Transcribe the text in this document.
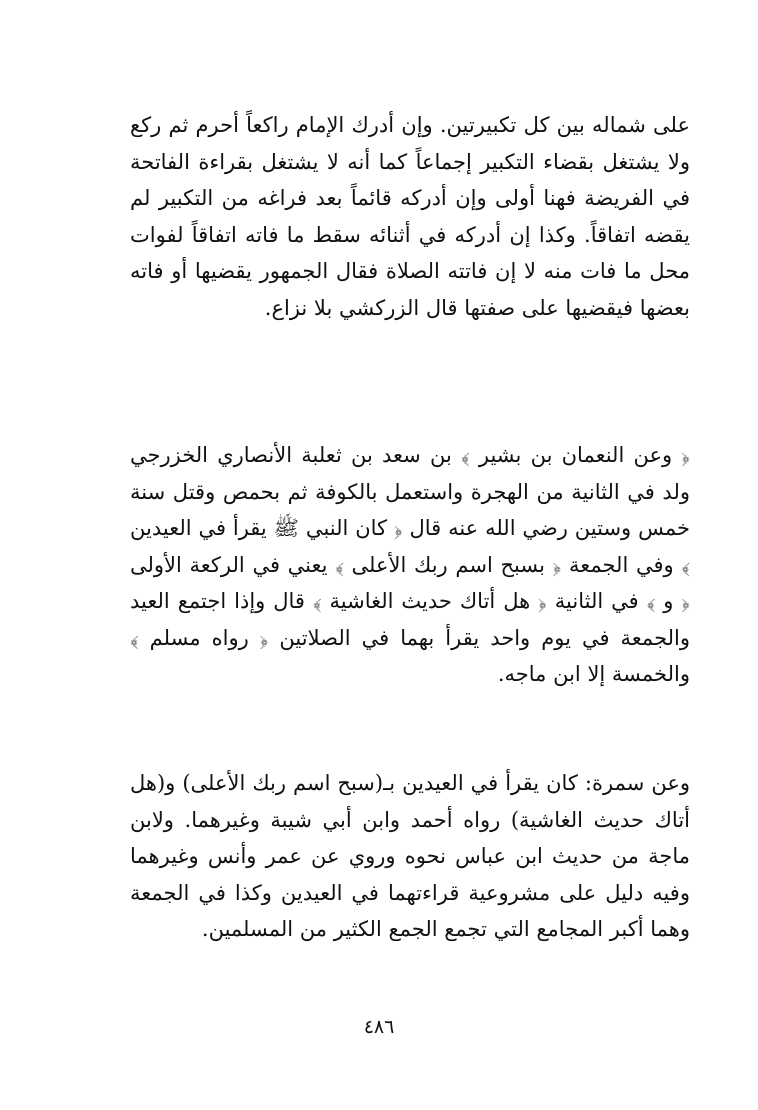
على شماله بين كل تكبيرتين. وإن أدرك الإمام راكعاً أحرم ثم ركع ولا يشتغل بقضاء التكبير إجماعاً كما أنه لا يشتغل بقراءة الفاتحة في الفريضة فهنا أولى وإن أدركه قائماً بعد فراغه من التكبير لم يقضه اتفاقاً. وكذا إن أدركه في أثنائه سقط ما فاته اتفاقاً لفوات محل ما فات منه لا إن فاتته الصلاة فقال الجمهور يقضيها أو فاته بعضها فيقضيها على صفتها قال الزركشي بلا نزاع.

﴿ وعن النعمان بن بشير ﴾ بن سعد بن ثعلبة الأنصاري الخزرجي ولد في الثانية من الهجرة واستعمل بالكوفة ثم بحمص وقتل سنة خمس وستين رضي الله عنه قال ﴿ كان النبي ﷺ يقرأ في العيدين ﴾ وفي الجمعة ﴿ بسبح اسم ربك الأعلى ﴾ يعني في الركعة الأولى ﴿ و ﴾ في الثانية ﴿ هل أتاك حديث الغاشية ﴾ قال وإذا اجتمع العيد والجمعة في يوم واحد يقرأ بهما في الصلاتين ﴿ رواه مسلم ﴾ والخمسة إلا ابن ماجه.

وعن سمرة: كان يقرأ في العيدين بـ(سبح اسم ربك الأعلى) و(هل أتاك حديث الغاشية) رواه أحمد وابن أبي شيبة وغيرهما. ولابن ماجة من حديث ابن عباس نحوه وروي عن عمر وأنس وغيرهما وفيه دليل على مشروعية قراءتهما في العيدين وكذا في الجمعة وهما أكبر المجامع التي تجمع الجمع الكثير من المسلمين.

٤٨٦
